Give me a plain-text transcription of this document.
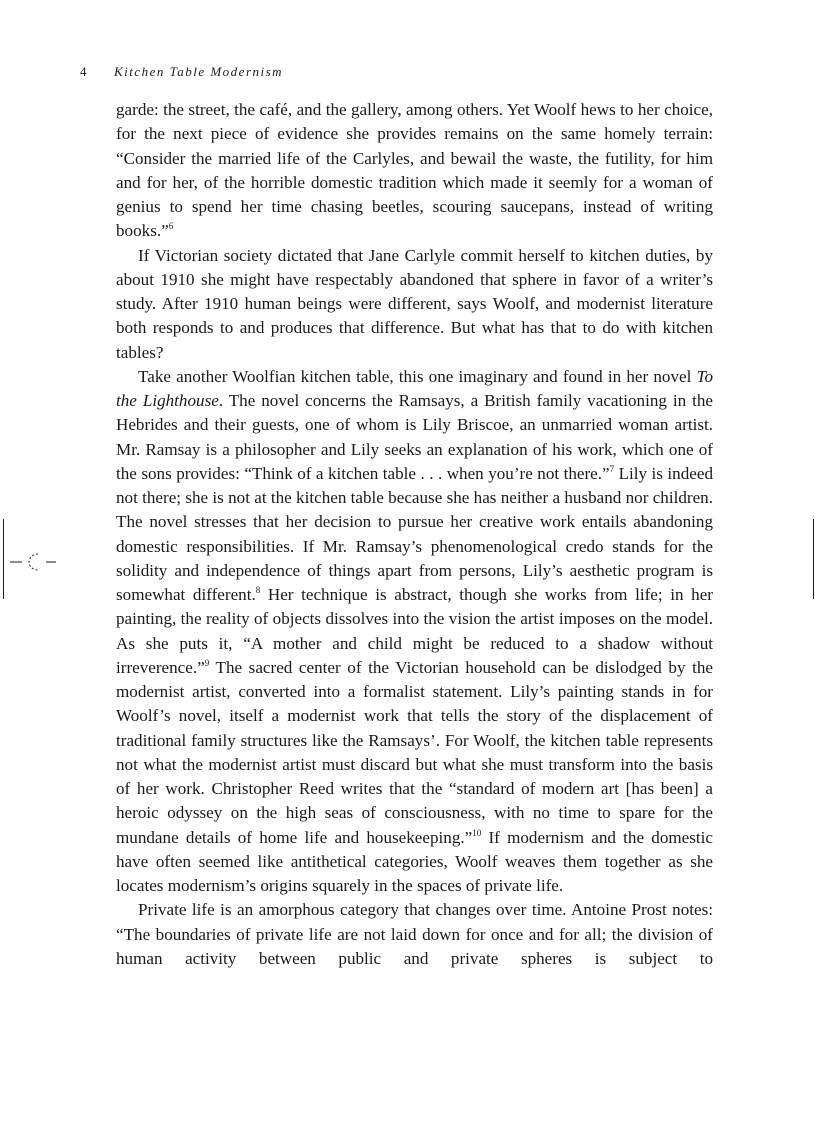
4 Kitchen Table Modernism

garde: the street, the café, and the gallery, among others. Yet Woolf hews to her choice, for the next piece of evidence she provides remains on the same homely terrain: “Consider the married life of the Carlyles, and bewail the waste, the futility, for him and for her, of the horrible domestic tradition which made it seemly for a woman of genius to spend her time chasing beetles, scouring saucepans, instead of writing books.”$^6$

If Victorian society dictated that Jane Carlyle commit herself to kitchen duties, by about 1910 she might have respectably abandoned that sphere in favor of a writer’s study. After 1910 human beings were different, says Woolf, and modernist literature both responds to and produces that difference. But what has that to do with kitchen tables?

Take another Woolfian kitchen table, this one imaginary and found in her novel To the Lighthouse. The novel concerns the Ramsays, a British family vacationing in the Hebrides and their guests, one of whom is Lily Briscoe, an unmarried woman artist. Mr. Ramsay is a philosopher and Lily seeks an explanation of his work, which one of the sons provides: “Think of a kitchen table . . . when you’re not there.”$^7$ Lily is indeed not there; she is not at the kitchen table because she has neither a husband nor children. The novel stresses that her decision to pursue her creative work entails abandoning domestic responsibilities. If Mr. Ramsay’s phenomenological credo stands for the solidity and independence of things apart from persons, Lily’s aesthetic program is somewhat different.$^8$ Her technique is abstract, though she works from life; in her painting, the reality of objects dissolves into the vision the artist imposes on the model. As she puts it, “A mother and child might be reduced to a shadow without irreverence.”$^9$ The sacred center of the Victorian household can be dislodged by the modernist artist, converted into a formalist statement. Lily’s painting stands in for Woolf’s novel, itself a modernist work that tells the story of the displacement of traditional family structures like the Ramsays’. For Woolf, the kitchen table represents not what the modernist artist must discard but what she must transform into the basis of her work. Christopher Reed writes that the “standard of modern art [has been] a heroic odyssey on the high seas of consciousness, with no time to spare for the mundane details of home life and housekeeping.”$^{10}$ If modernism and the domestic have often seemed like antithetical categories, Woolf weaves them together as she locates modernism’s origins squarely in the spaces of private life.

Private life is an amorphous category that changes over time. Antoine Prost notes: “The boundaries of private life are not laid down for once and for all; the division of human activity between public and private spheres is subject to
